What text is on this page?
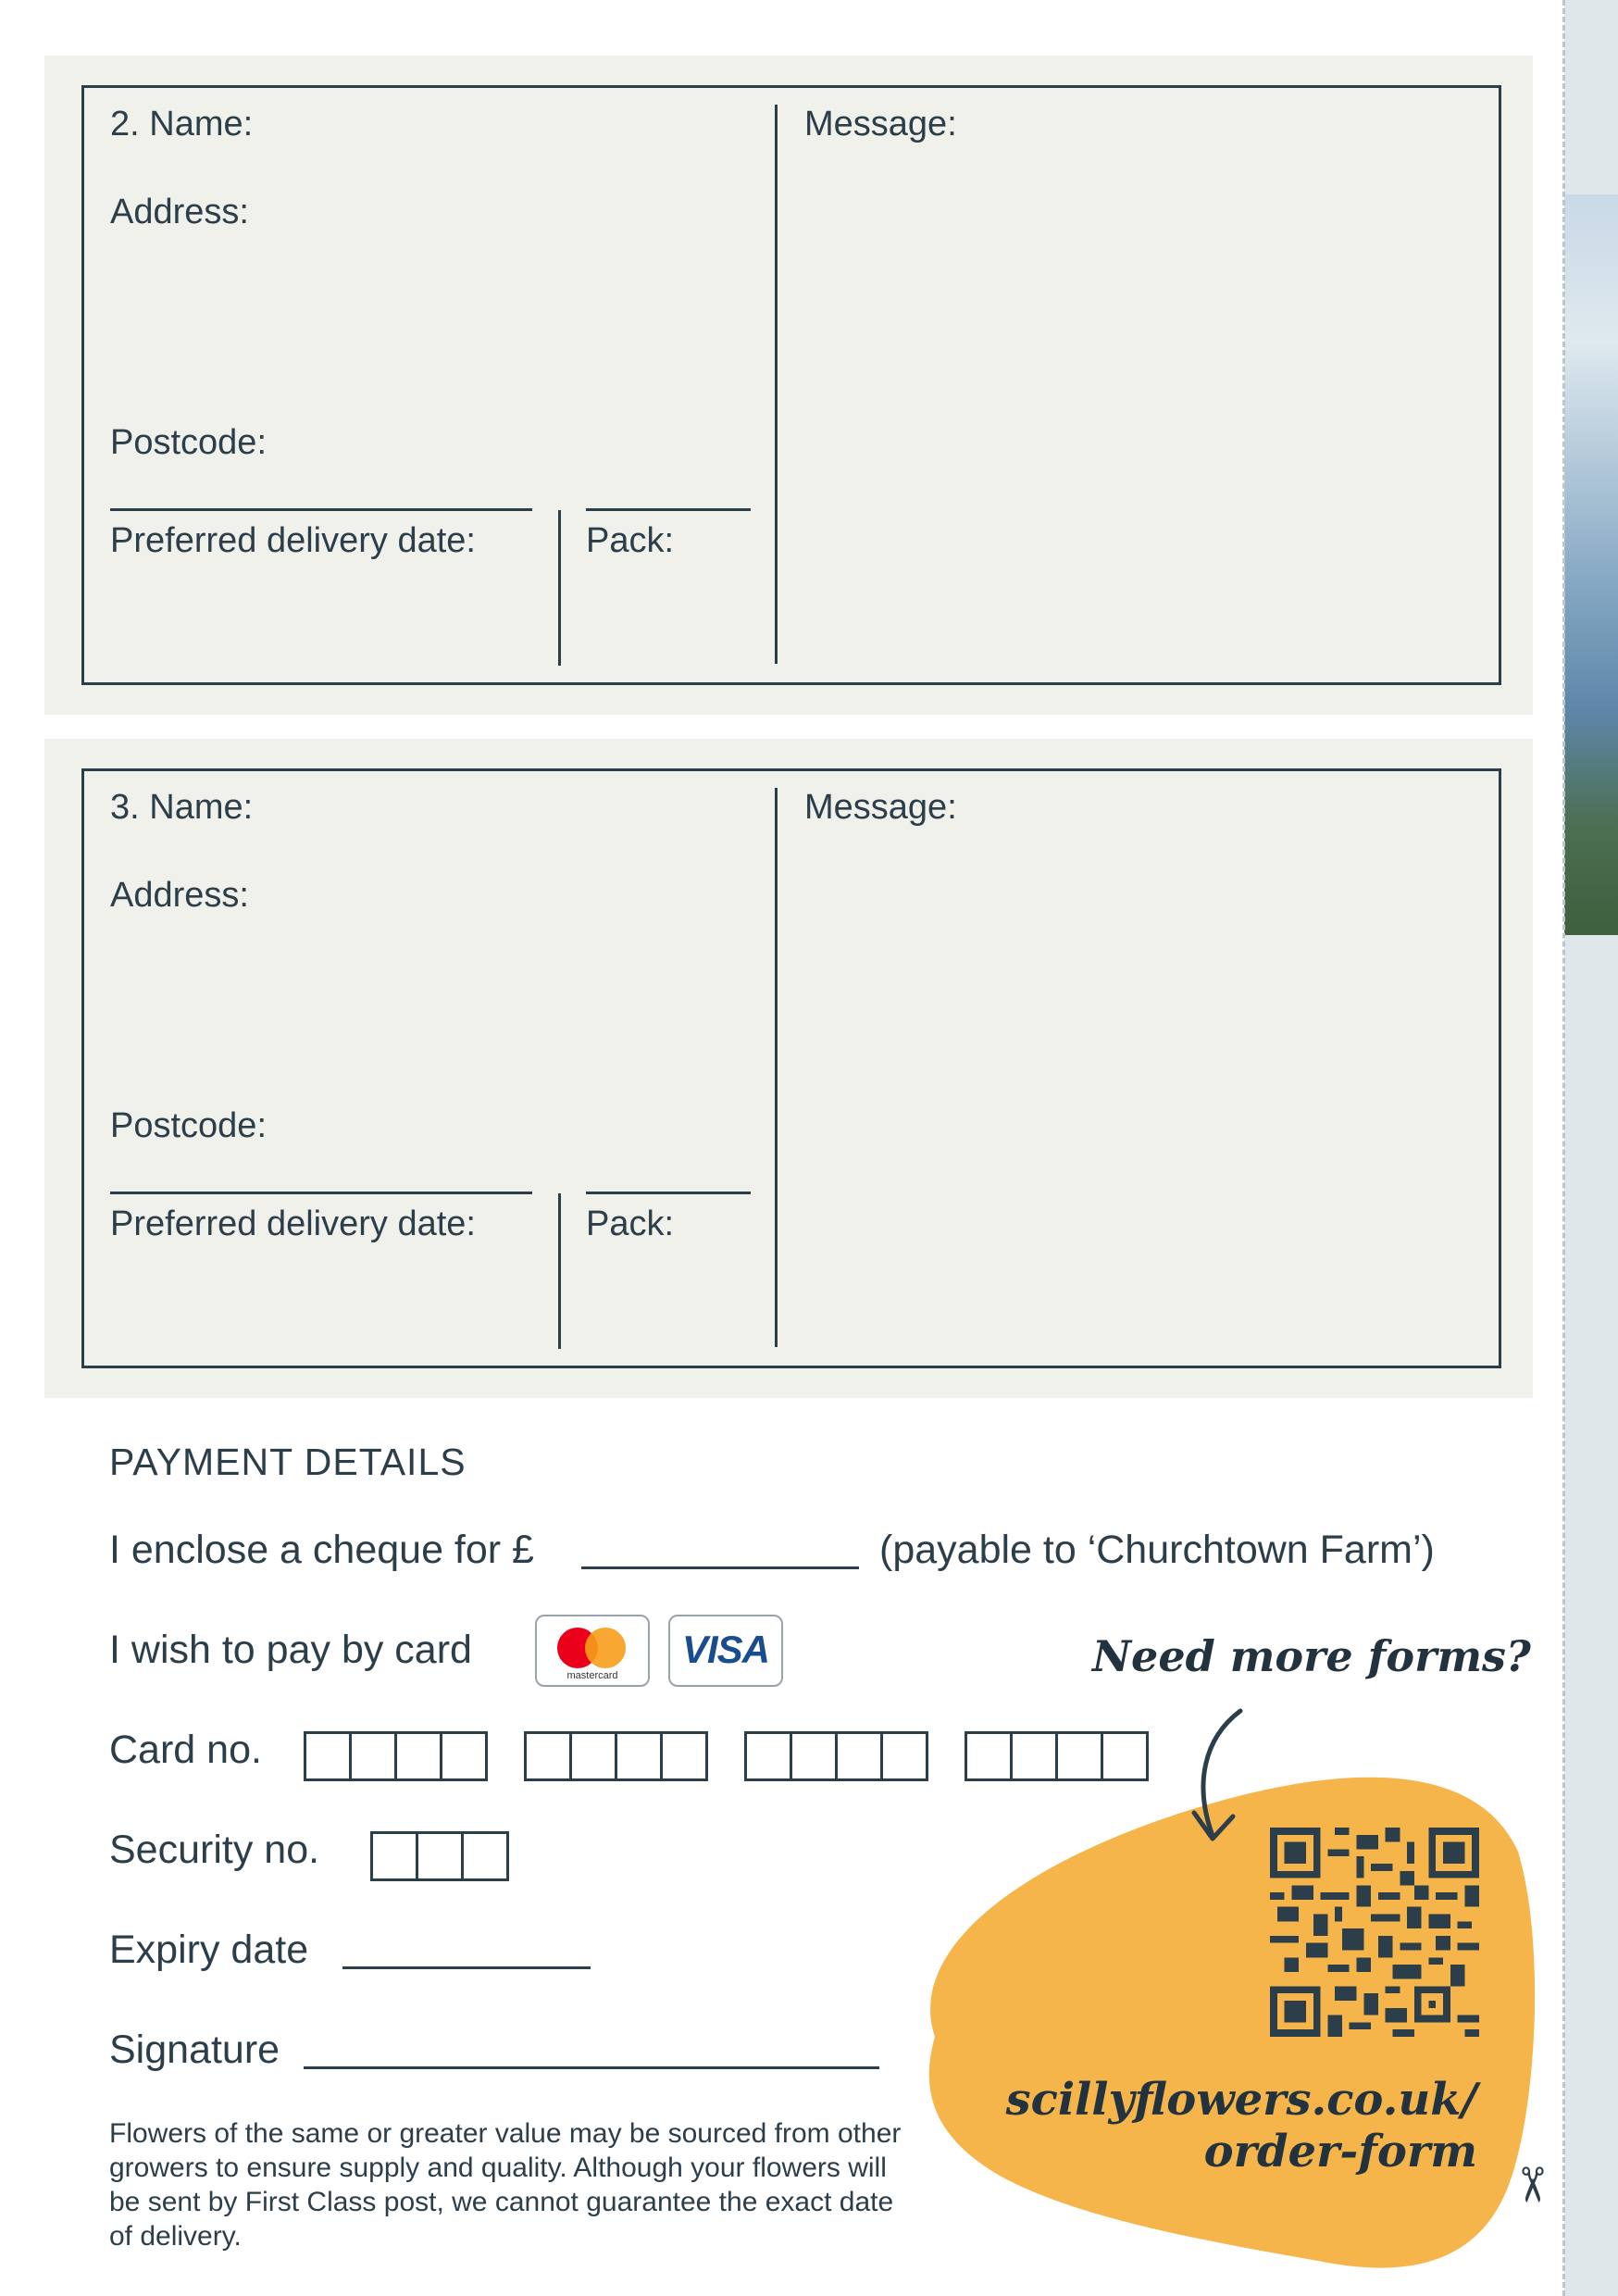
2. Name:
Address:
Postcode:
Preferred delivery date:	Pack:
Message:
3. Name:
Address:
Postcode:
Preferred delivery date:	Pack:
Message:
PAYMENT DETAILS
I enclose a cheque for £	(payable to ‘Churchtown Farm’)
I wish to pay by card
mastercard
VISA
Card no.
Security no.
Expiry date
Signature

Flowers of the same or greater value may be sourced from other growers to ensure supply and quality. Although your flowers will be sent by First Class post, we cannot guarantee the exact date of delivery.

Need more forms?
scillyflowers.co.uk/
order-form
✂
